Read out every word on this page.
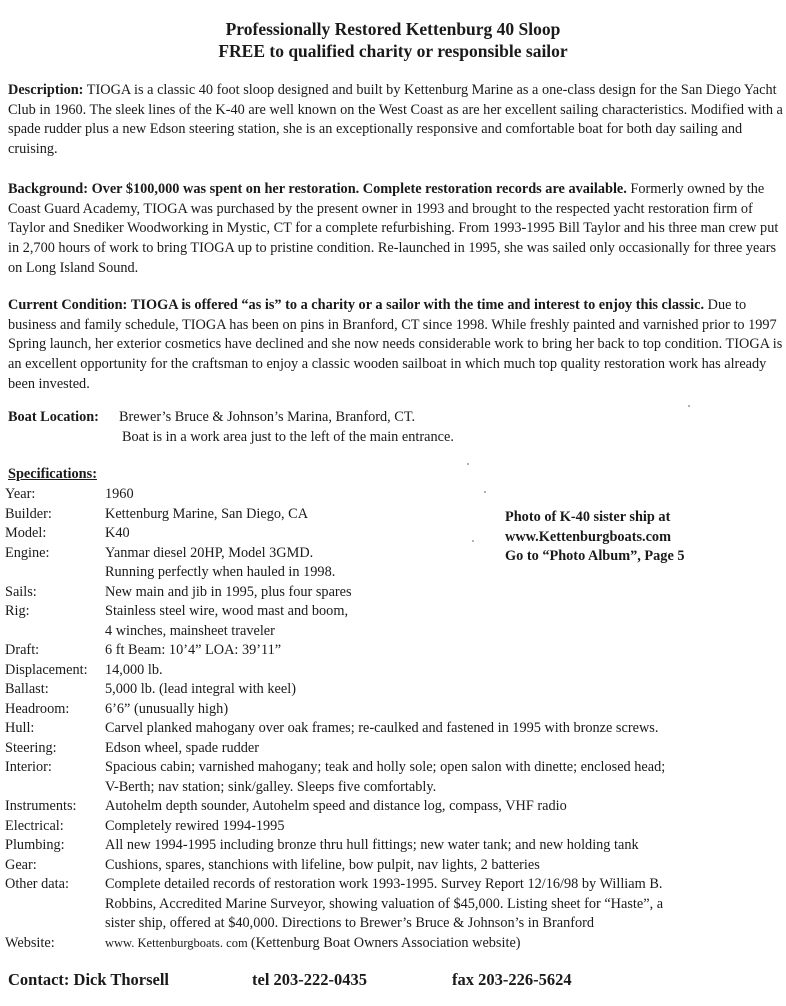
Professionally Restored Kettenburg 40 Sloop
FREE to qualified charity or responsible sailor

Description: TIOGA is a classic 40 foot sloop designed and built by Kettenburg Marine as a one-class design for the San Diego Yacht Club in 1960. The sleek lines of the K-40 are well known on the West Coast as are her excellent sailing characteristics. Modified with a spade rudder plus a new Edson steering station, she is an exceptionally responsive and comfortable boat for both day sailing and cruising.

Background: Over $100,000 was spent on her restoration. Complete restoration records are available. Formerly owned by the Coast Guard Academy, TIOGA was purchased by the present owner in 1993 and brought to the respected yacht restoration firm of Taylor and Snediker Woodworking in Mystic, CT for a complete refurbishing. From 1993-1995 Bill Taylor and his three man crew put in 2,700 hours of work to bring TIOGA up to pristine condition. Re-launched in 1995, she was sailed only occasionally for three years on Long Island Sound.

Current Condition: TIOGA is offered “as is” to a charity or a sailor with the time and interest to enjoy this classic. Due to business and family schedule, TIOGA has been on pins in Branford, CT since 1998. While freshly painted and varnished prior to 1997 Spring launch, her exterior cosmetics have declined and she now needs considerable work to bring her back to top condition. TIOGA is an excellent opportunity for the craftsman to enjoy a classic wooden sailboat in which much top quality restoration work has already been invested.

Boat Location: Brewer’s Bruce & Johnson’s Marina, Branford, CT.
Boat is in a work area just to the left of the main entrance.
Specifications:
Year:	1960
Builder:	Kettenburg Marine, San Diego, CA
Model:	K40
Engine:	Yanmar diesel 20HP, Model 3GMD.
Running perfectly when hauled in 1998.
Sails:	New main and jib in 1995, plus four spares
Rig:	Stainless steel wire, wood mast and boom,
4 winches, mainsheet traveler
Draft:	6 ft Beam: 10’4” LOA: 39’11”
Displacement:	14,000 lb.
Ballast:	5,000 lb. (lead integral with keel)
Headroom:	6’6” (unusually high)
Hull:	Carvel planked mahogany over oak frames; re-caulked and fastened in 1995 with bronze screws.
Steering:	Edson wheel, spade rudder
Interior:	Spacious cabin; varnished mahogany; teak and holly sole; open salon with dinette; enclosed head;
V-Berth; nav station; sink/galley. Sleeps five comfortably.
Instruments:	Autohelm depth sounder, Autohelm speed and distance log, compass, VHF radio
Electrical:	Completely rewired 1994-1995
Plumbing:	All new 1994-1995 including bronze thru hull fittings; new water tank; and new holding tank
Gear:	Cushions, spares, stanchions with lifeline, bow pulpit, nav lights, 2 batteries
Other data:	Complete detailed records of restoration work 1993-1995. Survey Report 12/16/98 by William B.
Robbins, Accredited Marine Surveyor, showing valuation of $45,000. Listing sheet for “Haste”, a
sister ship, offered at $40,000. Directions to Brewer’s Bruce & Johnson’s in Branford
Website:	www. Kettenburgboats. com (Kettenburg Boat Owners Association website)
Photo of K-40 sister ship at
www.Kettenburgboats.com
Go to “Photo Album”, Page 5
Contact: Dick Thorsell	tel 203-222-0435	fax 203-226-5624
